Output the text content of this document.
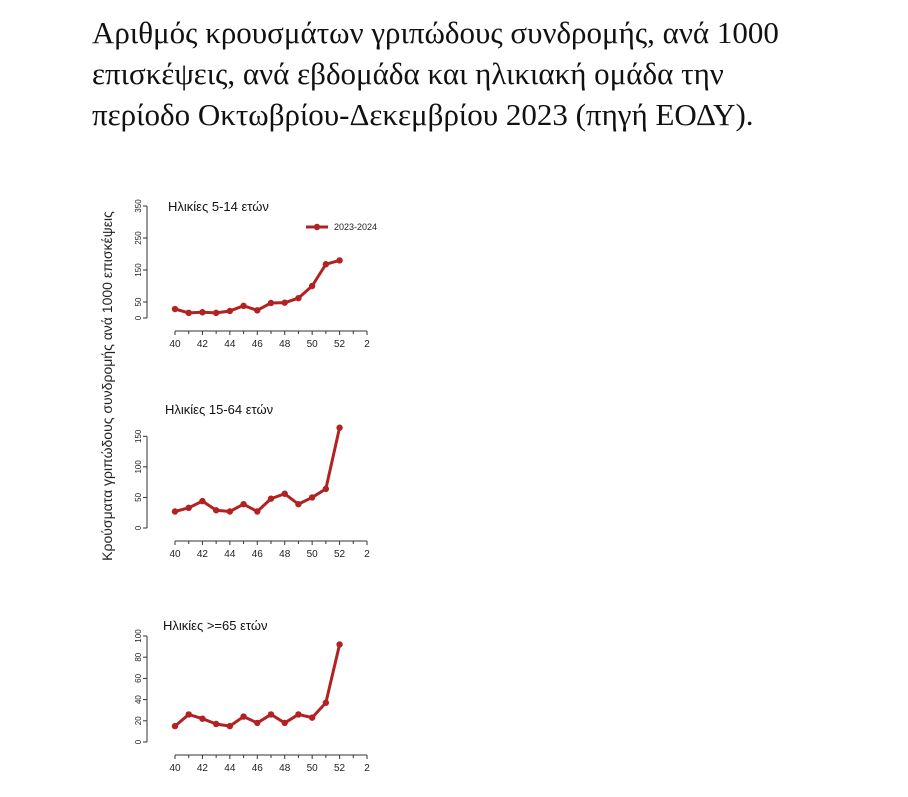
Αριθμός κρουσμάτων γριπώδους συνδρομής, ανά 1000
επισκέψεις, ανά εβδομάδα και ηλικιακή ομάδα την
περίοδο Οκτωβρίου-Δεκεμβρίου 2023 (πηγή ΕΟΔΥ).
Κρούσματα γριπώδους συνδρομής ανά 1000 επισκέψεις
Ηλικίες 5-14 ετών
0
50
150
250
350
40 42 44 46 48 50 52 2
2023-2024
Ηλικίες 15-64 ετών
0
50
100
150
40 42 44 46 48 50 52 2
Ηλικίες >=65 ετών
0
20
40
60
80
100
40 42 44 46 48 50 52 2
